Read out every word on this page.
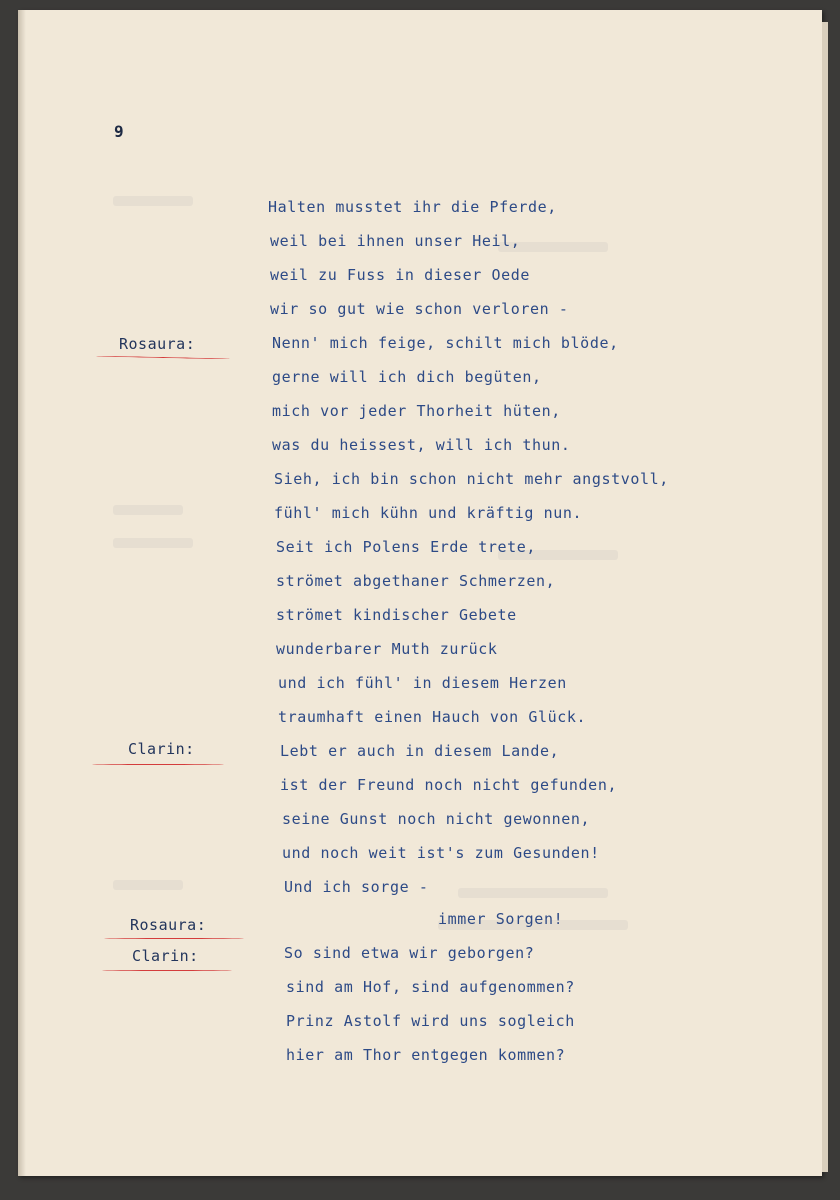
9
Rosaura:
Clarin:
Rosaura:
Clarin:
Halten musstet ihr die Pferde,
weil bei ihnen unser Heil,
weil zu Fuss in dieser Oede
wir so gut wie schon verloren -
Nenn' mich feige, schilt mich blöde,
gerne will ich dich begüten,
mich vor jeder Thorheit hüten,
was du heissest, will ich thun.
Sieh, ich bin schon nicht mehr angstvoll,
fühl' mich kühn und kräftig nun.
Seit ich Polens Erde trete,
strömet abgethaner Schmerzen,
strömet kindischer Gebete
wunderbarer Muth zurück
und ich fühl' in diesem Herzen
traumhaft einen Hauch von Glück.
Lebt er auch in diesem Lande,
ist der Freund noch nicht gefunden,
seine Gunst noch nicht gewonnen,
und noch weit ist's zum Gesunden!
Und ich sorge -
immer Sorgen!
So sind etwa wir geborgen?
sind am Hof, sind aufgenommen?
Prinz Astolf wird uns sogleich
hier am Thor entgegen kommen?
